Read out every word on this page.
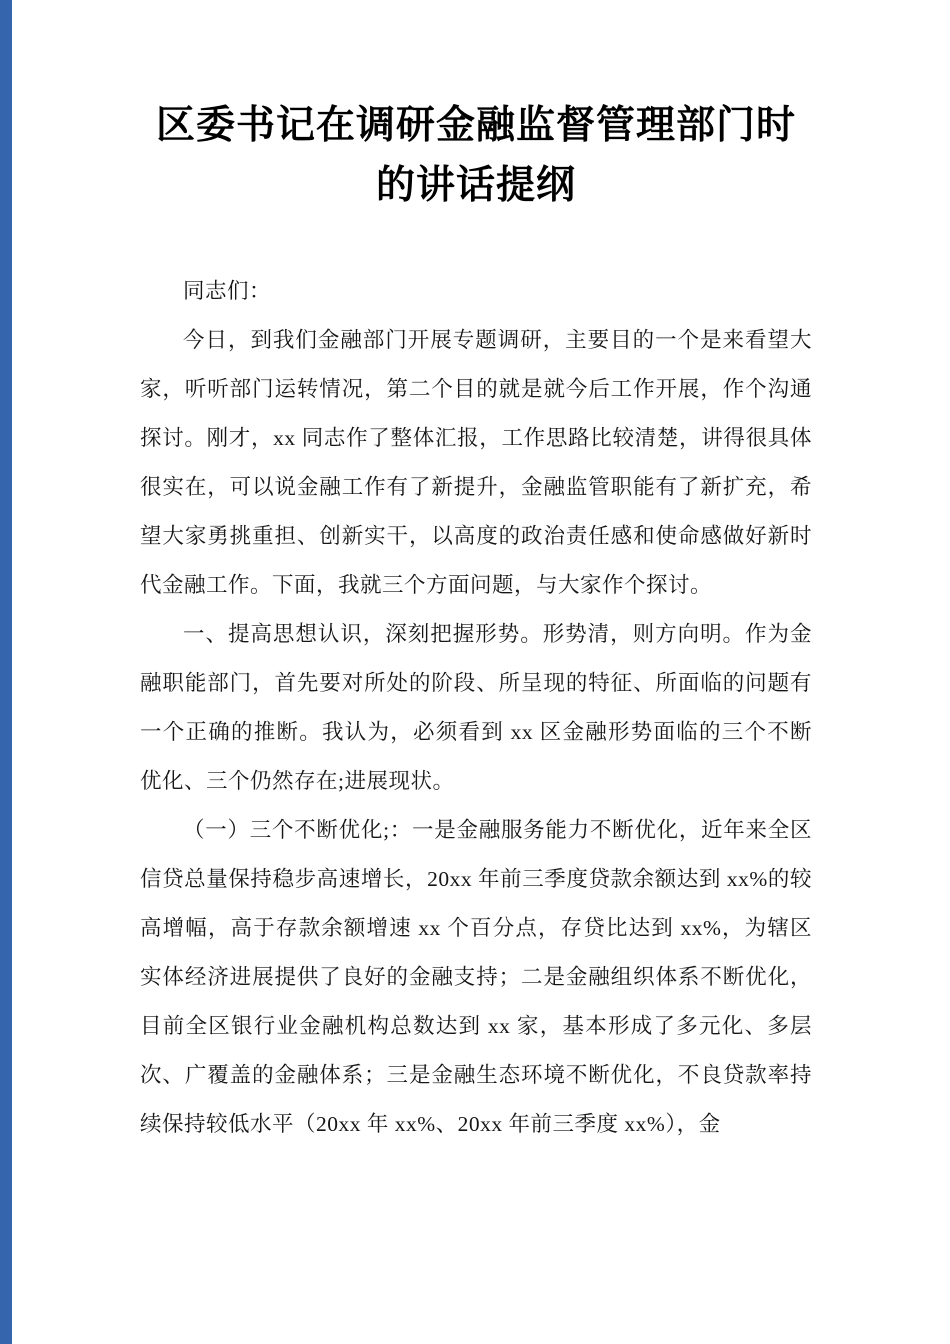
区委书记在调研金融监督管理部门时的讲话提纲

同志们：

今日，到我们金融部门开展专题调研，主要目的一个是来看望大家，听听部门运转情况，第二个目的就是就今后工作开展，作个沟通探讨。刚才，xx 同志作了整体汇报，工作思路比较清楚，讲得很具体很实在，可以说金融工作有了新提升，金融监管职能有了新扩充，希望大家勇挑重担、创新实干，以高度的政治责任感和使命感做好新时代金融工作。下面，我就三个方面问题，与大家作个探讨。

一、提高思想认识，深刻把握形势。形势清，则方向明。作为金融职能部门，首先要对所处的阶段、所呈现的特征、所面临的问题有一个正确的推断。我认为，必须看到 xx 区金融形势面临的三个不断优化、三个仍然存在;进展现状。

（一）三个不断优化;：一是金融服务能力不断优化，近年来全区信贷总量保持稳步高速增长，20xx 年前三季度贷款余额达到 xx%的较高增幅，高于存款余额增速 xx 个百分点，存贷比达到 xx%，为辖区实体经济进展提供了良好的金融支持；二是金融组织体系不断优化，目前全区银行业金融机构总数达到 xx 家，基本形成了多元化、多层次、广覆盖的金融体系；三是金融生态环境不断优化，不良贷款率持续保持较低水平（20xx 年 xx%、20xx 年前三季度 xx%），金
